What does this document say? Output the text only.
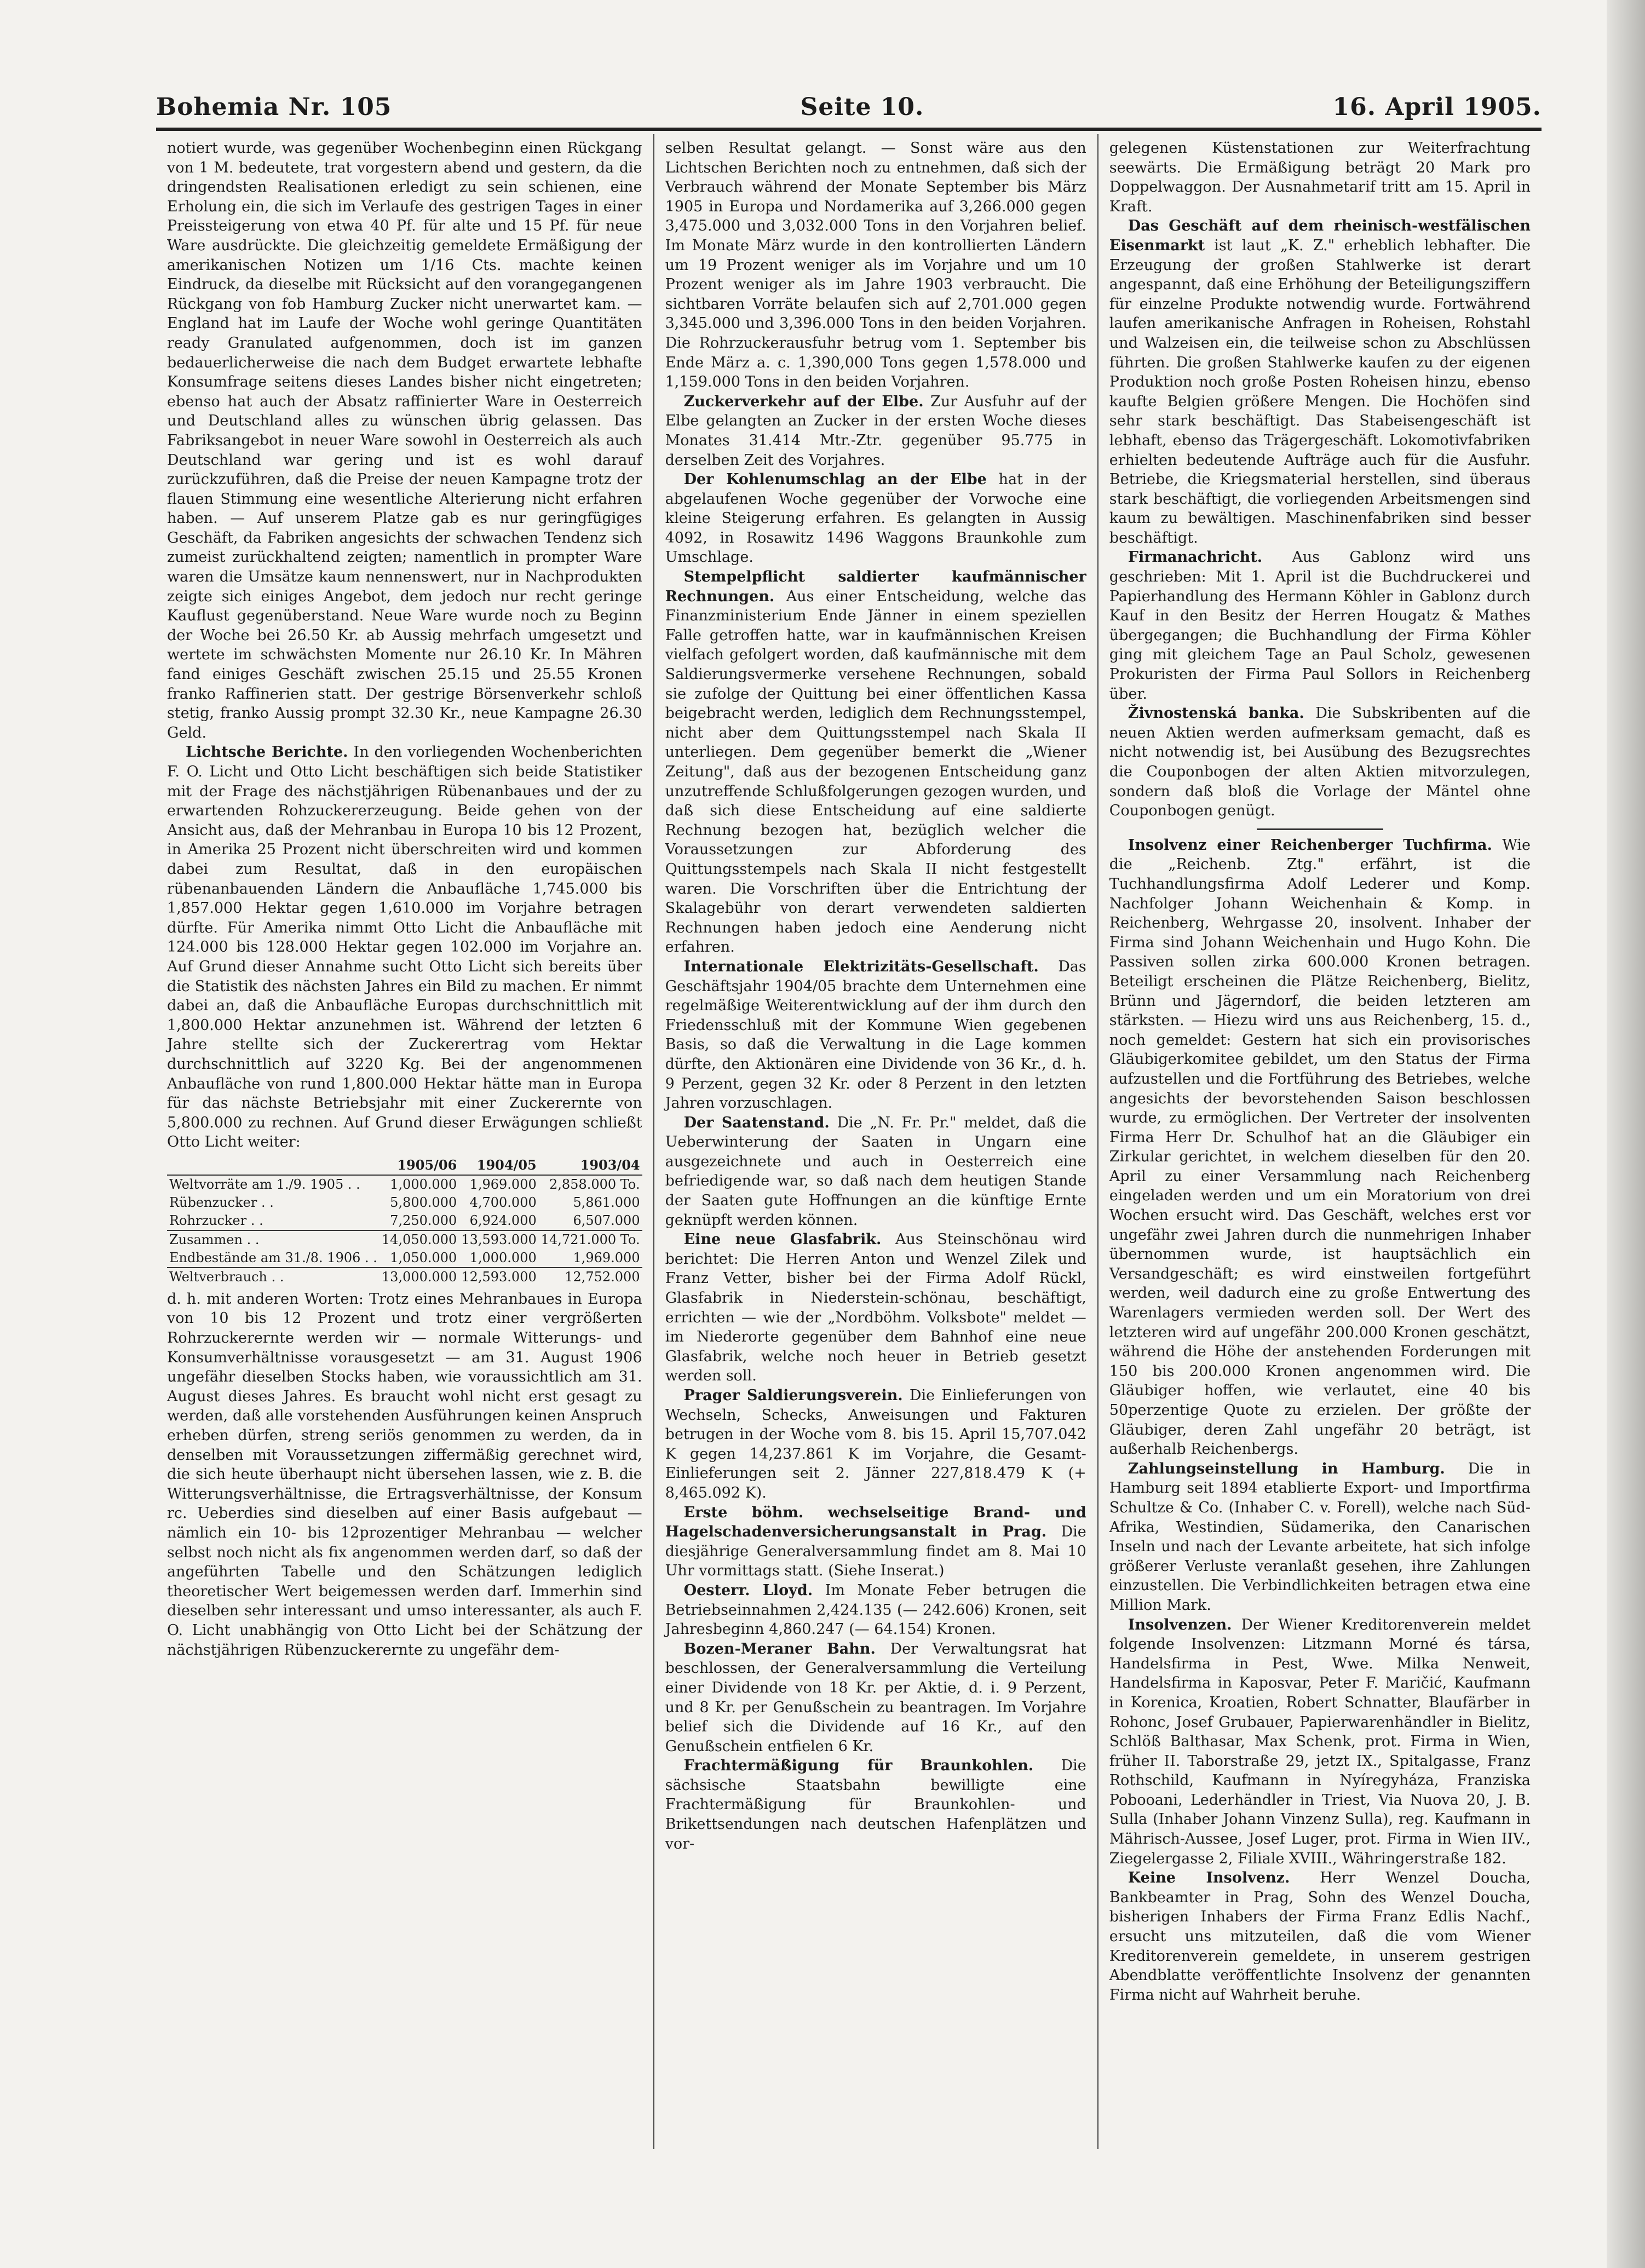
Bohemia Nr. 105	Seite 10.	16. April 1905.

notiert wurde, was gegenüber Wochenbeginn einen Rückgang von 1 M. bedeutete, trat vorgestern abend und gestern, da die dringendsten Realisationen erledigt zu sein schienen, eine Erholung ein, die sich im Verlaufe des gestrigen Tages in einer Preissteigerung von etwa 40 Pf. für alte und 15 Pf. für neue Ware ausdrückte. Die gleichzeitig gemeldete Ermäßigung der amerikanischen Notizen um 1/16 Cts. machte keinen Eindruck, da dieselbe mit Rücksicht auf den vorangegangenen Rückgang von fob Hamburg Zucker nicht unerwartet kam. — England hat im Laufe der Woche wohl geringe Quantitäten ready Granulated aufgenommen, doch ist im ganzen bedauerlicherweise die nach dem Budget erwartete lebhafte Konsumfrage seitens dieses Landes bisher nicht eingetreten; ebenso hat auch der Absatz raffinierter Ware in Oesterreich und Deutschland alles zu wünschen übrig gelassen. Das Fabriksangebot in neuer Ware sowohl in Oesterreich als auch Deutschland war gering und ist es wohl darauf zurückzuführen, daß die Preise der neuen Kampagne trotz der flauen Stimmung eine wesentliche Alterierung nicht erfahren haben. — Auf unserem Platze gab es nur geringfügiges Geschäft, da Fabriken angesichts der schwachen Tendenz sich zumeist zurückhaltend zeigten; namentlich in prompter Ware waren die Umsätze kaum nennenswert, nur in Nachprodukten zeigte sich einiges Angebot, dem jedoch nur recht geringe Kauflust gegenüberstand. Neue Ware wurde noch zu Beginn der Woche bei 26.50 Kr. ab Aussig mehrfach umgesetzt und wertete im schwächsten Momente nur 26.10 Kr. In Mähren fand einiges Geschäft zwischen 25.15 und 25.55 Kronen franko Raffinerien statt. Der gestrige Börsenverkehr schloß stetig, franko Aussig prompt 32.30 Kr., neue Kampagne 26.30 Geld.

Lichtsche Berichte. In den vorliegenden Wochenberichten F. O. Licht und Otto Licht beschäftigen sich beide Statistiker mit der Frage des nächstjährigen Rübenanbaues und der zu erwartenden Rohzuckererzeugung. Beide gehen von der Ansicht aus, daß der Mehranbau in Europa 10 bis 12 Prozent, in Amerika 25 Prozent nicht überschreiten wird und kommen dabei zum Resultat, daß in den europäischen rübenanbauenden Ländern die Anbaufläche 1,745.000 bis 1,857.000 Hektar gegen 1,610.000 im Vorjahre betragen dürfte. Für Amerika nimmt Otto Licht die Anbaufläche mit 124.000 bis 128.000 Hektar gegen 102.000 im Vorjahre an. Auf Grund dieser Annahme sucht Otto Licht sich bereits über die Statistik des nächsten Jahres ein Bild zu machen. Er nimmt dabei an, daß die Anbaufläche Europas durchschnittlich mit 1,800.000 Hektar anzunehmen ist. Während der letzten 6 Jahre stellte sich der Zuckerertrag vom Hektar durchschnittlich auf 3220 Kg. Bei der angenommenen Anbaufläche von rund 1,800.000 Hektar hätte man in Europa für das nächste Betriebsjahr mit einer Zuckerernte von 5,800.000 zu rechnen. Auf Grund dieser Erwägungen schließt Otto Licht weiter:

	1905/06	1904/05	1903/04
Weltvorräte am 1./9. 1905 . .	1,000.000	1,969.000	2,858.000 To.
Rübenzucker . .	5,800.000	4,700.000	5,861.000
Rohrzucker . .	7,250.000	6,924.000	6,507.000
Zusammen . .	14,050.000	13,593.000	14,721.000 To.
Endbestände am 31./8. 1906 . .	1,050.000	1,000.000	1,969.000
Weltverbrauch . .	13,000.000	12,593.000	12,752.000

d. h. mit anderen Worten: Trotz eines Mehranbaues in Europa von 10 bis 12 Prozent und trotz einer vergrößerten Rohrzuckerernte werden wir — normale Witterungs- und Konsumverhältnisse vorausgesetzt — am 31. August 1906 ungefähr dieselben Stocks haben, wie voraussichtlich am 31. August dieses Jahres. Es braucht wohl nicht erst gesagt zu werden, daß alle vorstehenden Ausführungen keinen Anspruch erheben dürfen, streng seriös genommen zu werden, da in denselben mit Voraussetzungen ziffermäßig gerechnet wird, die sich heute überhaupt nicht übersehen lassen, wie z. B. die Witterungsverhältnisse, die Ertragsverhältnisse, der Konsum rc. Ueberdies sind dieselben auf einer Basis aufgebaut — nämlich ein 10- bis 12prozentiger Mehranbau — welcher selbst noch nicht als fix angenommen werden darf, so daß der angeführten Tabelle und den Schätzungen lediglich theoretischer Wert beigemessen werden darf. Immerhin sind dieselben sehr interessant und umso interessanter, als auch F. O. Licht unabhängig von Otto Licht bei der Schätzung der nächstjährigen Rübenzuckerernte zu ungefähr dem-

selben Resultat gelangt. — Sonst wäre aus den Lichtschen Berichten noch zu entnehmen, daß sich der Verbrauch während der Monate September bis März 1905 in Europa und Nordamerika auf 3,266.000 gegen 3,475.000 und 3,032.000 Tons in den Vorjahren belief. Im Monate März wurde in den kontrollierten Ländern um 19 Prozent weniger als im Vorjahre und um 10 Prozent weniger als im Jahre 1903 verbraucht. Die sichtbaren Vorräte belaufen sich auf 2,701.000 gegen 3,345.000 und 3,396.000 Tons in den beiden Vorjahren. Die Rohrzuckerausfuhr betrug vom 1. September bis Ende März a. c. 1,390,000 Tons gegen 1,578.000 und 1,159.000 Tons in den beiden Vorjahren.

Zuckerverkehr auf der Elbe. Zur Ausfuhr auf der Elbe gelangten an Zucker in der ersten Woche dieses Monates 31.414 Mtr.-Ztr. gegenüber 95.775 in derselben Zeit des Vorjahres.

Der Kohlenumschlag an der Elbe hat in der abgelaufenen Woche gegenüber der Vorwoche eine kleine Steigerung erfahren. Es gelangten in Aussig 4092, in Rosawitz 1496 Waggons Braunkohle zum Umschlage.

Stempelpflicht saldierter kaufmännischer Rechnungen. Aus einer Entscheidung, welche das Finanzministerium Ende Jänner in einem speziellen Falle getroffen hatte, war in kaufmännischen Kreisen vielfach gefolgert worden, daß kaufmännische mit dem Saldierungsvermerke versehene Rechnungen, sobald sie zufolge der Quittung bei einer öffentlichen Kassa beigebracht werden, lediglich dem Rechnungsstempel, nicht aber dem Quittungsstempel nach Skala II unterliegen. Dem gegenüber bemerkt die „Wiener Zeitung", daß aus der bezogenen Entscheidung ganz unzutreffende Schlußfolgerungen gezogen wurden, und daß sich diese Entscheidung auf eine saldierte Rechnung bezogen hat, bezüglich welcher die Voraussetzungen zur Abforderung des Quittungsstempels nach Skala II nicht festgestellt waren. Die Vorschriften über die Entrichtung der Skalagebühr von derart verwendeten saldierten Rechnungen haben jedoch eine Aenderung nicht erfahren.

Internationale Elektrizitäts-Gesellschaft. Das Geschäftsjahr 1904/05 brachte dem Unternehmen eine regelmäßige Weiterentwicklung auf der ihm durch den Friedensschluß mit der Kommune Wien gegebenen Basis, so daß die Verwaltung in die Lage kommen dürfte, den Aktionären eine Dividende von 36 Kr., d. h. 9 Perzent, gegen 32 Kr. oder 8 Perzent in den letzten Jahren vorzuschlagen.

Der Saatenstand. Die „N. Fr. Pr." meldet, daß die Ueberwinterung der Saaten in Ungarn eine ausgezeichnete und auch in Oesterreich eine befriedigende war, so daß nach dem heutigen Stande der Saaten gute Hoffnungen an die künftige Ernte geknüpft werden können.

Eine neue Glasfabrik. Aus Steinschönau wird berichtet: Die Herren Anton und Wenzel Zilek und Franz Vetter, bisher bei der Firma Adolf Rückl, Glasfabrik in Niederstein-schönau, beschäftigt, errichten — wie der „Nordböhm. Volksbote" meldet — im Niederorte gegenüber dem Bahnhof eine neue Glasfabrik, welche noch heuer in Betrieb gesetzt werden soll.

Prager Saldierungsverein. Die Einlieferungen von Wechseln, Schecks, Anweisungen und Fakturen betrugen in der Woche vom 8. bis 15. April 15,707.042 K gegen 14,237.861 K im Vorjahre, die Gesamt-Einlieferungen seit 2. Jänner 227,818.479 K (+ 8,465.092 K).

Erste böhm. wechselseitige Brand- und Hagelschadenversicherungsanstalt in Prag. Die diesjährige Generalversammlung findet am 8. Mai 10 Uhr vormittags statt. (Siehe Inserat.)

Oesterr. Lloyd. Im Monate Feber betrugen die Betriebseinnahmen 2,424.135 (— 242.606) Kronen, seit Jahresbeginn 4,860.247 (— 64.154) Kronen.

Bozen-Meraner Bahn. Der Verwaltungsrat hat beschlossen, der Generalversammlung die Verteilung einer Dividende von 18 Kr. per Aktie, d. i. 9 Perzent, und 8 Kr. per Genußschein zu beantragen. Im Vorjahre belief sich die Dividende auf 16 Kr., auf den Genußschein entfielen 6 Kr.

Frachtermäßigung für Braunkohlen. Die sächsische Staatsbahn bewilligte eine Frachtermäßigung für Braunkohlen- und Brikettsendungen nach deutschen Hafenplätzen und vor-

gelegenen Küstenstationen zur Weiterfrachtung seewärts. Die Ermäßigung beträgt 20 Mark pro Doppelwaggon. Der Ausnahmetarif tritt am 15. April in Kraft.

Das Geschäft auf dem rheinisch-westfälischen Eisenmarkt ist laut „K. Z." erheblich lebhafter. Die Erzeugung der großen Stahlwerke ist derart angespannt, daß eine Erhöhung der Beteiligungsziffern für einzelne Produkte notwendig wurde. Fortwährend laufen amerikanische Anfragen in Roheisen, Rohstahl und Walzeisen ein, die teilweise schon zu Abschlüssen führten. Die großen Stahlwerke kaufen zu der eigenen Produktion noch große Posten Roheisen hinzu, ebenso kaufte Belgien größere Mengen. Die Hochöfen sind sehr stark beschäftigt. Das Stabeisengeschäft ist lebhaft, ebenso das Trägergeschäft. Lokomotivfabriken erhielten bedeutende Aufträge auch für die Ausfuhr. Betriebe, die Kriegsmaterial herstellen, sind überaus stark beschäftigt, die vorliegenden Arbeitsmengen sind kaum zu bewältigen. Maschinenfabriken sind besser beschäftigt.

Firmanachricht. Aus Gablonz wird uns geschrieben: Mit 1. April ist die Buchdruckerei und Papierhandlung des Hermann Köhler in Gablonz durch Kauf in den Besitz der Herren Hougatz & Mathes übergegangen; die Buchhandlung der Firma Köhler ging mit gleichem Tage an Paul Scholz, gewesenen Prokuristen der Firma Paul Sollors in Reichenberg über.

Živnostenská banka. Die Subskribenten auf die neuen Aktien werden aufmerksam gemacht, daß es nicht notwendig ist, bei Ausübung des Bezugsrechtes die Couponbogen der alten Aktien mitvorzulegen, sondern daß bloß die Vorlage der Mäntel ohne Couponbogen genügt.

Insolvenz einer Reichenberger Tuchfirma. Wie die „Reichenb. Ztg." erfährt, ist die Tuchhandlungsfirma Adolf Lederer und Komp. Nachfolger Johann Weichenhain & Komp. in Reichenberg, Wehrgasse 20, insolvent. Inhaber der Firma sind Johann Weichenhain und Hugo Kohn. Die Passiven sollen zirka 600.000 Kronen betragen. Beteiligt erscheinen die Plätze Reichenberg, Bielitz, Brünn und Jägerndorf, die beiden letzteren am stärksten. — Hiezu wird uns aus Reichenberg, 15. d., noch gemeldet: Gestern hat sich ein provisorisches Gläubigerkomitee gebildet, um den Status der Firma aufzustellen und die Fortführung des Betriebes, welche angesichts der bevorstehenden Saison beschlossen wurde, zu ermöglichen. Der Vertreter der insolventen Firma Herr Dr. Schulhof hat an die Gläubiger ein Zirkular gerichtet, in welchem dieselben für den 20. April zu einer Versammlung nach Reichenberg eingeladen werden und um ein Moratorium von drei Wochen ersucht wird. Das Geschäft, welches erst vor ungefähr zwei Jahren durch die nunmehrigen Inhaber übernommen wurde, ist hauptsächlich ein Versandgeschäft; es wird einstweilen fortgeführt werden, weil dadurch eine zu große Entwertung des Warenlagers vermieden werden soll. Der Wert des letzteren wird auf ungefähr 200.000 Kronen geschätzt, während die Höhe der anstehenden Forderungen mit 150 bis 200.000 Kronen angenommen wird. Die Gläubiger hoffen, wie verlautet, eine 40 bis 50perzentige Quote zu erzielen. Der größte der Gläubiger, deren Zahl ungefähr 20 beträgt, ist außerhalb Reichenbergs.

Zahlungseinstellung in Hamburg. Die in Hamburg seit 1894 etablierte Export- und Importfirma Schultze & Co. (Inhaber C. v. Forell), welche nach Süd-Afrika, Westindien, Südamerika, den Canarischen Inseln und nach der Levante arbeitete, hat sich infolge größerer Verluste veranlaßt gesehen, ihre Zahlungen einzustellen. Die Verbindlichkeiten betragen etwa eine Million Mark.

Insolvenzen. Der Wiener Kreditorenverein meldet folgende Insolvenzen: Litzmann Morné és társa, Handelsfirma in Pest, Wwe. Milka Nenweit, Handelsfirma in Kaposvar, Peter F. Maričić, Kaufmann in Korenica, Kroatien, Robert Schnatter, Blaufärber in Rohonc, Josef Grubauer, Papierwarenhändler in Bielitz, Schlöß Balthasar, Max Schenk, prot. Firma in Wien, früher II. Taborstraße 29, jetzt IX., Spitalgasse, Franz Rothschild, Kaufmann in Nyíregyháza, Franziska Pobooani, Lederhändler in Triest, Via Nuova 20, J. B. Sulla (Inhaber Johann Vinzenz Sulla), reg. Kaufmann in Mährisch-Aussee, Josef Luger, prot. Firma in Wien IIV., Ziegelergasse 2, Filiale XVIII., Währingerstraße 182.

Keine Insolvenz. Herr Wenzel Doucha, Bankbeamter in Prag, Sohn des Wenzel Doucha, bisherigen Inhabers der Firma Franz Edlis Nachf., ersucht uns mitzuteilen, daß die vom Wiener Kreditorenverein gemeldete, in unserem gestrigen Abendblatte veröffentlichte Insolvenz der genannten Firma nicht auf Wahrheit beruhe.
